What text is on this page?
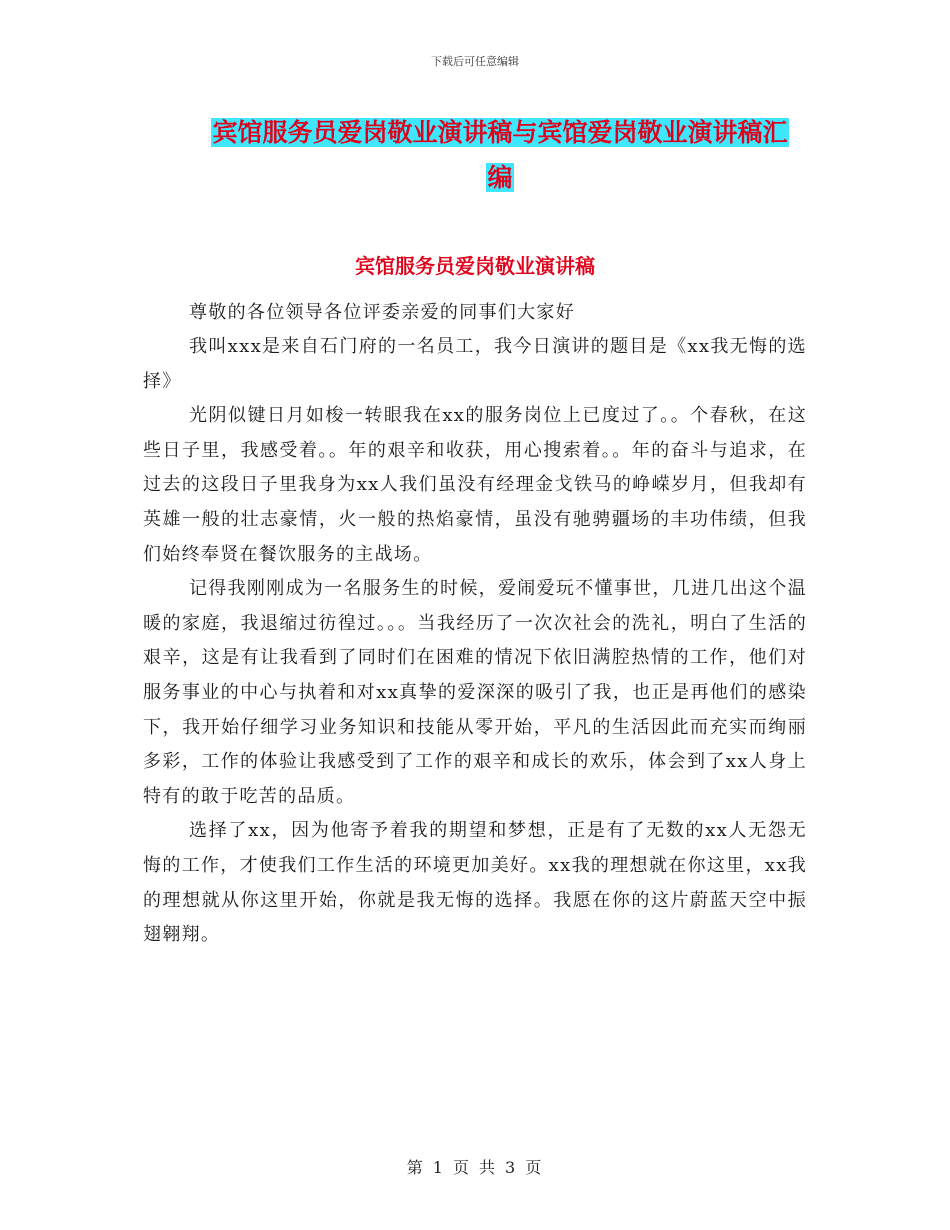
下载后可任意编辑
宾馆服务员爱岗敬业演讲稿与宾馆爱岗敬业演讲稿汇
编
宾馆服务员爱岗敬业演讲稿

尊敬的各位领导各位评委亲爱的同事们大家好

我叫xxx是来自石门府的一名员工，我今日演讲的题目是《xx我无悔的选择》

光阴似键日月如梭一转眼我在xx的服务岗位上已度过了。。个春秋，在这些日子里，我感受着。。年的艰辛和收获，用心搜索着。。年的奋斗与追求，在过去的这段日子里我身为xx人我们虽没有经理金戈铁马的峥嵘岁月，但我却有英雄一般的壮志豪情，火一般的热焰豪情，虽没有驰骋疆场的丰功伟绩，但我们始终奉贤在餐饮服务的主战场。

记得我刚刚成为一名服务生的时候，爱闹爱玩不懂事世，几进几出这个温暖的家庭，我退缩过彷徨过。。。当我经历了一次次社会的洗礼，明白了生活的艰辛，这是有让我看到了同时们在困难的情况下依旧满腔热情的工作，他们对服务事业的中心与执着和对xx真挚的爱深深的吸引了我，也正是再他们的感染下，我开始仔细学习业务知识和技能从零开始，平凡的生活因此而充实而绚丽多彩，工作的体验让我感受到了工作的艰辛和成长的欢乐，体会到了xx人身上特有的敢于吃苦的品质。

选择了xx，因为他寄予着我的期望和梦想，正是有了无数的xx人无怨无悔的工作，才使我们工作生活的环境更加美好。xx我的理想就在你这里，xx我的理想就从你这里开始，你就是我无悔的选择。我愿在你的这片蔚蓝天空中振翅翱翔。

第 1 页 共 3 页
